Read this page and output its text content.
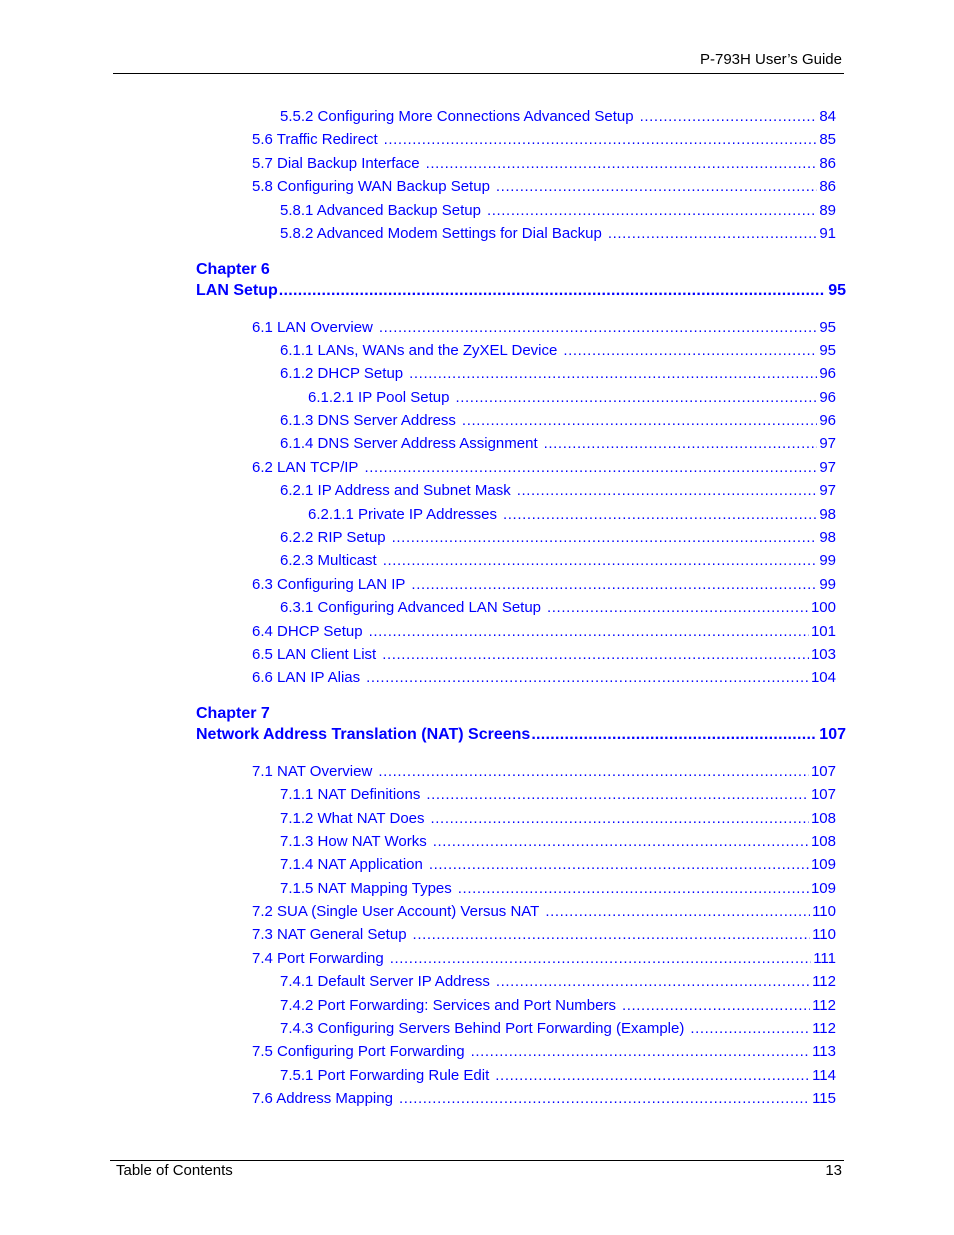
P-793H User’s Guide
5.5.2 Configuring More Connections Advanced Setup .....	84
5.6 Traffic Redirect .....	85
5.7 Dial Backup Interface .....	86
5.8 Configuring WAN Backup Setup .....	86
5.8.1 Advanced Backup Setup .....	89
5.8.2 Advanced Modem Settings for Dial Backup .....	91
Chapter 6
LAN Setup .....	95
6.1 LAN Overview .....	95
6.1.1 LANs, WANs and the ZyXEL Device .....	95
6.1.2 DHCP Setup .....	96
6.1.2.1 IP Pool Setup .....	96
6.1.3 DNS Server Address .....	96
6.1.4 DNS Server Address Assignment .....	97
6.2 LAN TCP/IP .....	97
6.2.1 IP Address and Subnet Mask .....	97
6.2.1.1 Private IP Addresses .....	98
6.2.2 RIP Setup .....	98
6.2.3 Multicast .....	99
6.3 Configuring LAN IP .....	99
6.3.1 Configuring Advanced LAN Setup .....	100
6.4 DHCP Setup .....	101
6.5 LAN Client List .....	103
6.6 LAN IP Alias .....	104
Chapter 7
Network Address Translation (NAT) Screens .....	107
7.1 NAT Overview .....	107
7.1.1 NAT Definitions .....	107
7.1.2 What NAT Does .....	108
7.1.3 How NAT Works .....	108
7.1.4 NAT Application .....	109
7.1.5 NAT Mapping Types .....	109
7.2 SUA (Single User Account) Versus NAT .....	110
7.3 NAT General Setup .....	110
7.4 Port Forwarding .....	111
7.4.1 Default Server IP Address .....	112
7.4.2 Port Forwarding: Services and Port Numbers .....	112
7.4.3 Configuring Servers Behind Port Forwarding (Example) .....	112
7.5 Configuring Port Forwarding .....	113
7.5.1 Port Forwarding Rule Edit .....	114
7.6 Address Mapping .....	115
Table of Contents	13
